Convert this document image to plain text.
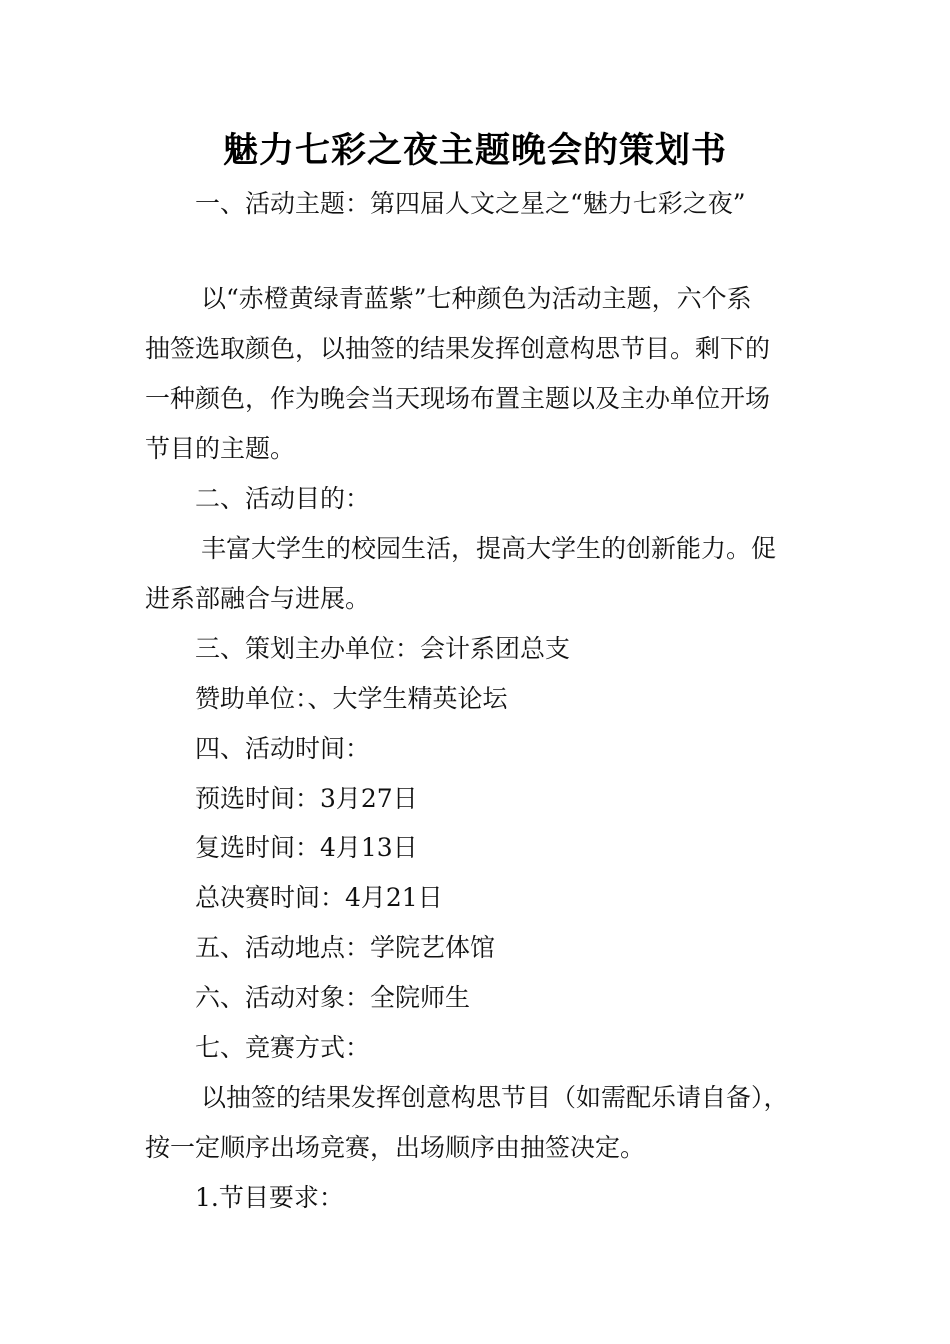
魅力七彩之夜主题晚会的策划书
一、活动主题：第四届人文之星之“魅力七彩之夜”
以“赤橙黄绿青蓝紫”七种颜色为活动主题，六个系
抽签选取颜色，以抽签的结果发挥创意构思节目。剩下的
一种颜色，作为晚会当天现场布置主题以及主办单位开场
节目的主题。
二、活动目的：
丰富大学生的校园生活，提高大学生的创新能力。促
进系部融合与进展。
三、策划主办单位：会计系团总支
赞助单位：、大学生精英论坛
四、活动时间：
预选时间：3月27日
复选时间：4月13日
总决赛时间：4月21日
五、活动地点：学院艺体馆
六、活动对象：全院师生
七、竞赛方式：
以抽签的结果发挥创意构思节目（如需配乐请自备），
按一定顺序出场竞赛，出场顺序由抽签决定。
1.节目要求：
